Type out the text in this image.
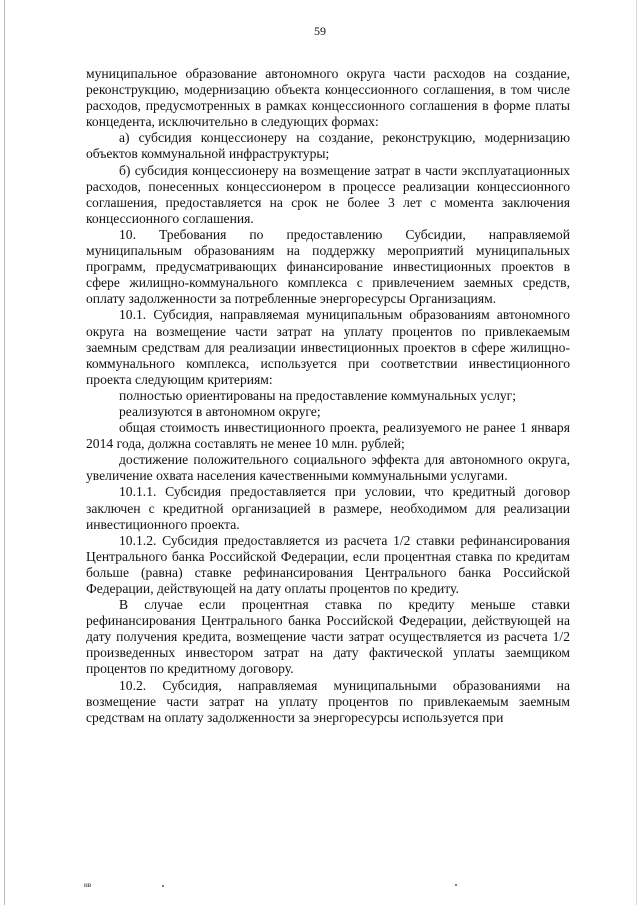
59

муниципальное образование автономного округа части расходов на создание, реконструкцию, модернизацию объекта концессионного соглашения, в том числе расходов, предусмотренных в рамках концессионного соглашения в форме платы концедента, исключительно в следующих формах:

а) субсидия концессионеру на создание, реконструкцию, модернизацию объектов коммунальной инфраструктуры;

б) субсидия концессионеру на возмещение затрат в части эксплуатационных расходов, понесенных концессионером в процессе реализации концессионного соглашения, предоставляется на срок не более 3 лет с момента заключения концессионного соглашения.

10. Требования по предоставлению Субсидии, направляемой муниципальным образованиям на поддержку мероприятий муниципальных программ, предусматривающих финансирование инвестиционных проектов в сфере жилищно-коммунального комплекса с привлечением заемных средств, оплату задолженности за потребленные энергоресурсы Организациям.

10.1. Субсидия, направляемая муниципальным образованиям автономного округа на возмещение части затрат на уплату процентов по привлекаемым заемным средствам для реализации инвестиционных проектов в сфере жилищно-коммунального комплекса, используется при соответствии инвестиционного проекта следующим критериям:

полностью ориентированы на предоставление коммунальных услуг;

реализуются в автономном округе;

общая стоимость инвестиционного проекта, реализуемого не ранее 1 января 2014 года, должна составлять не менее 10 млн. рублей;

достижение положительного социального эффекта для автономного округа, увеличение охвата населения качественными коммунальными услугами.

10.1.1. Субсидия предоставляется при условии, что кредитный договор заключен с кредитной организацией в размере, необходимом для реализации инвестиционного проекта.

10.1.2. Субсидия предоставляется из расчета 1/2 ставки рефинансирования Центрального банка Российской Федерации, если процентная ставка по кредитам больше (равна) ставке рефинансирования Центрального банка Российской Федерации, действующей на дату оплаты процентов по кредиту.

В случае если процентная ставка по кредиту меньше ставки рефинансирования Центрального банка Российской Федерации, действующей на дату получения кредита, возмещение части затрат осуществляется из расчета 1/2 произведенных инвестором затрат на дату фактической уплаты заемщиком процентов по кредитному договору.

10.2. Субсидия, направляемая муниципальными образованиями на возмещение части затрат на уплату процентов по привлекаемым заемным средствам на оплату задолженности за энергоресурсы используется при

нв
